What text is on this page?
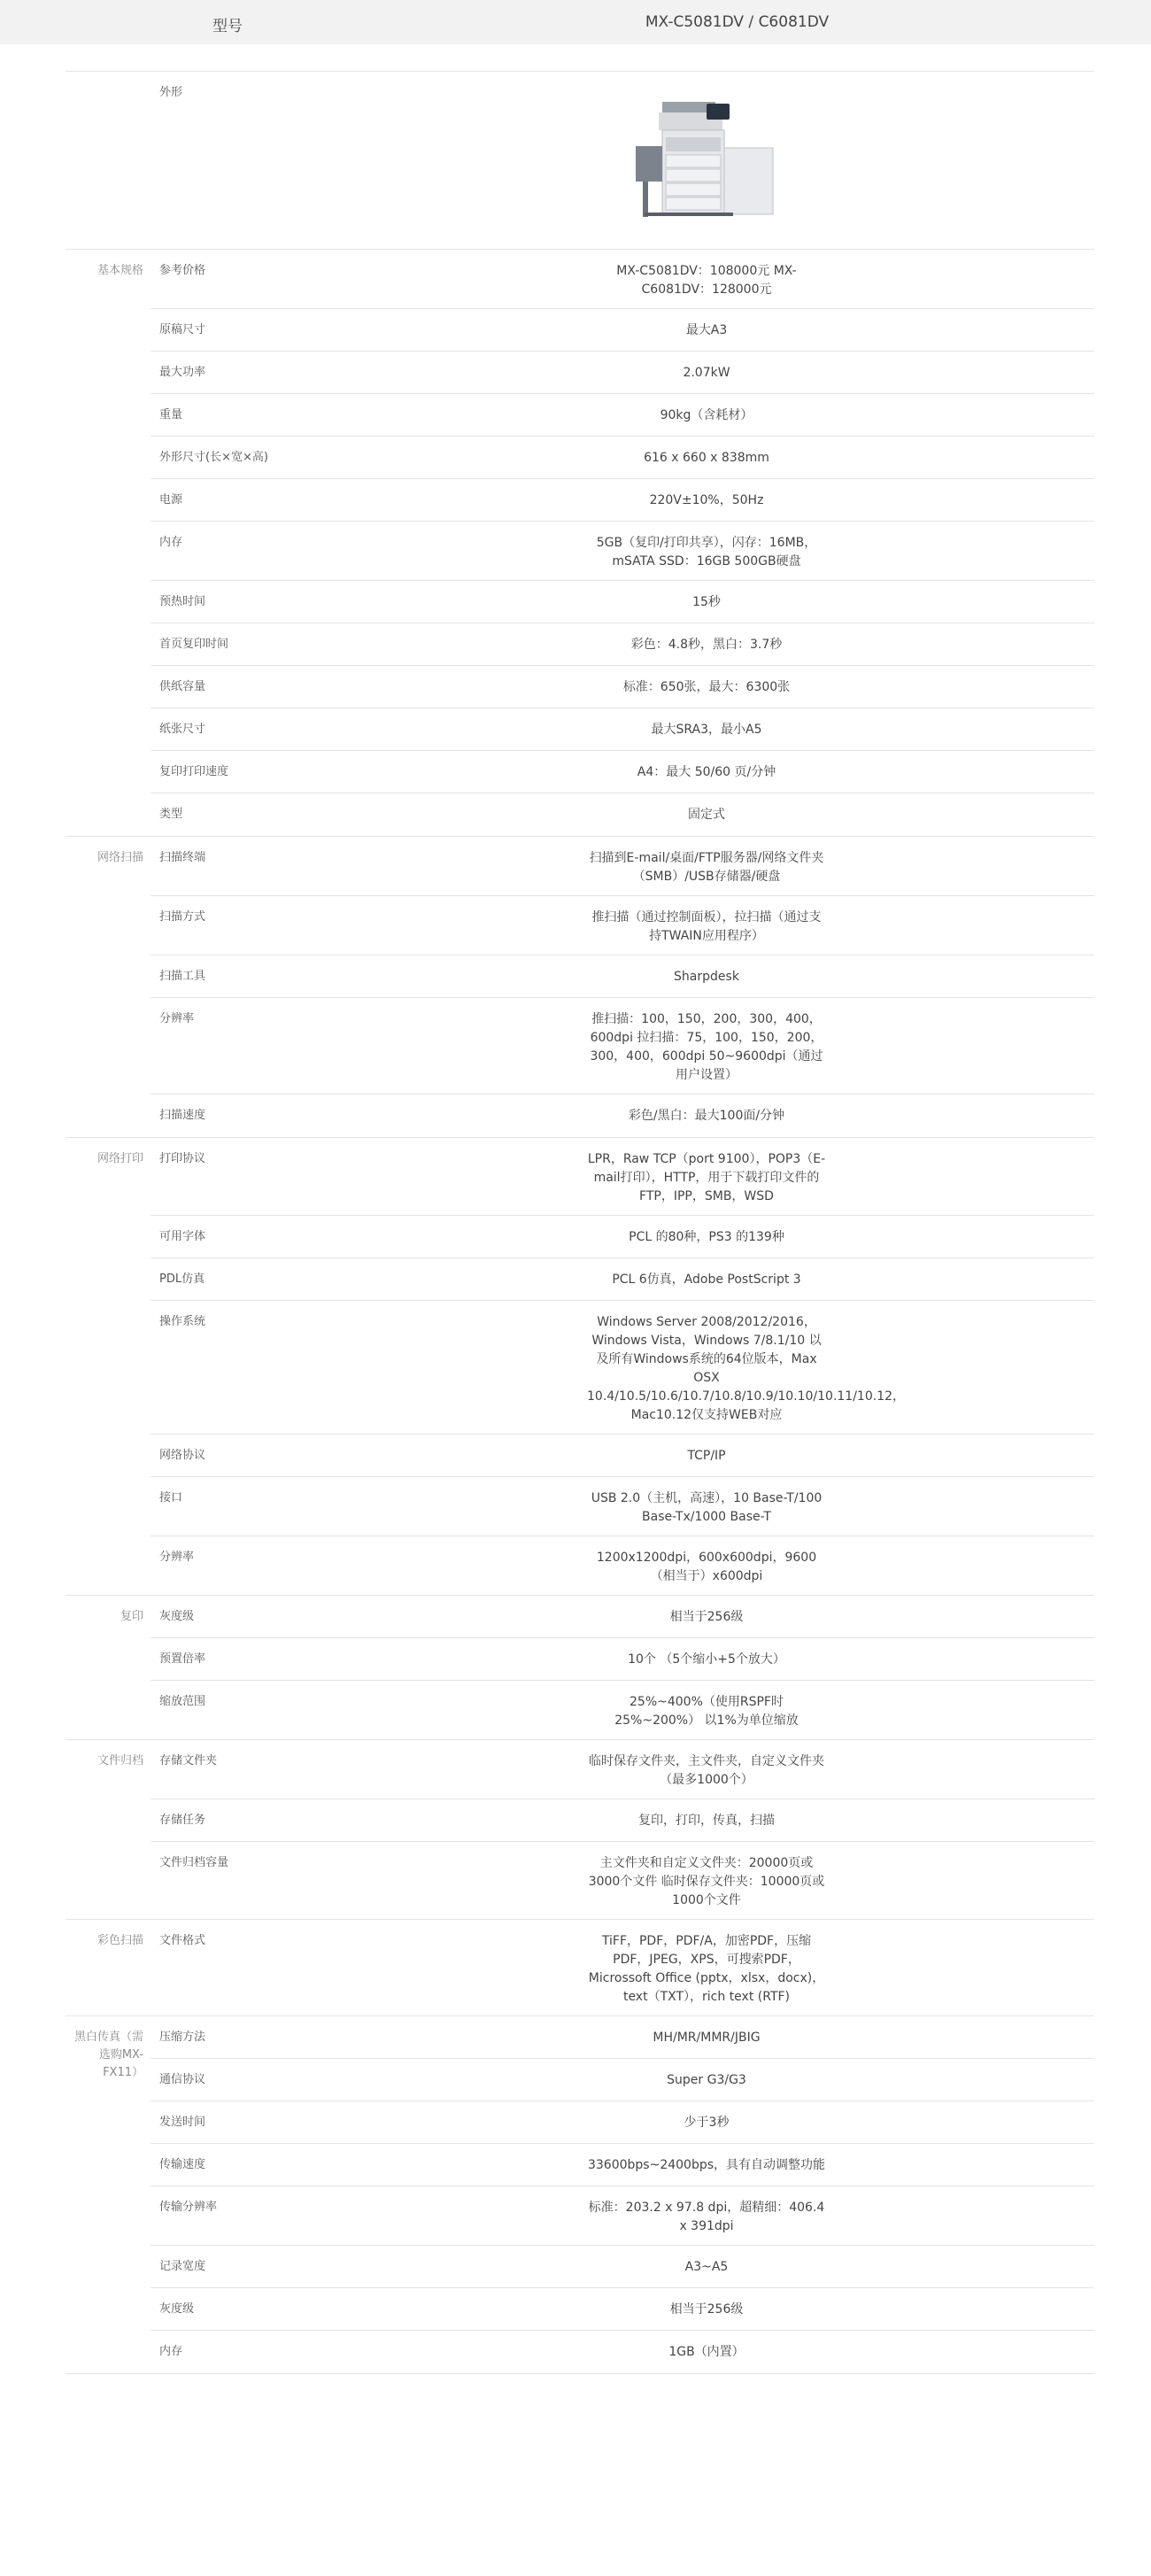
型号	MX-C5081DV / C6081DV
外形
基本规格	参考价格	MX-C5081DV：108000元 MX-C6081DV：128000元
原稿尺寸	最大A3
最大功率	2.07kW
重量	90kg（含耗材）
外形尺寸(长×宽×高)	616 x 660 x 838mm
电源	220V±10%，50Hz
内存	5GB（复印/打印共享），闪存：16MB，mSATA SSD：16GB 500GB硬盘
预热时间	15秒
首页复印时间	彩色：4.8秒，黑白：3.7秒
供纸容量	标准：650张，最大：6300张
纸张尺寸	最大SRA3，最小A5
复印打印速度	A4：最大 50/60 页/分钟
类型	固定式
网络扫描	扫描终端	扫描到E-mail/桌面/FTP服务器/网络文件夹（SMB）/USB存储器/硬盘
扫描方式	推扫描（通过控制面板），拉扫描（通过支持TWAIN应用程序）
扫描工具	Sharpdesk
分辨率	推扫描：100，150，200，300，400，600dpi 拉扫描：75，100，150，200，300，400，600dpi 50~9600dpi（通过用户设置）
扫描速度	彩色/黑白：最大100面/分钟
网络打印	打印协议	LPR，Raw TCP（port 9100），POP3（E-mail打印），HTTP，用于下载打印文件的FTP，IPP，SMB，WSD
可用字体	PCL 的80种，PS3 的139种
PDL仿真	PCL 6仿真，Adobe PostScript 3
操作系统	Windows Server 2008/2012/2016，Windows Vista，Windows 7/8.1/10 以及所有Windows系统的64位版本，Max OSX 10.4/10.5/10.6/10.7/10.8/10.9/10.10/10.11/10.12，Mac10.12仅支持WEB对应
网络协议	TCP/IP
接口	USB 2.0（主机，高速），10 Base-T/100 Base-Tx/1000 Base-T
分辨率	1200x1200dpi，600x600dpi，9600（相当于）x600dpi
复印	灰度级	相当于256级
预置倍率	10个 （5个缩小+5个放大）
缩放范围	25%~400%（使用RSPF时25%~200%） 以1%为单位缩放
文件归档	存储文件夹	临时保存文件夹，主文件夹，自定义文件夹（最多1000个）
存储任务	复印，打印，传真，扫描
文件归档容量	主文件夹和自定义文件夹：20000页或3000个文件 临时保存文件夹：10000页或1000个文件
彩色扫描	文件格式	TiFF，PDF，PDF/A，加密PDF，压缩PDF，JPEG，XPS，可搜索PDF，Microssoft Office (pptx，xlsx，docx)，text（TXT），rich text (RTF)
黑白传真（需选购MX-FX11）
压缩方法	MH/MR/MMR/JBIG
通信协议	Super G3/G3
发送时间	少于3秒
传输速度	33600bps~2400bps，具有自动调整功能
传输分辨率	标准：203.2 x 97.8 dpi，超精细：406.4 x 391dpi
记录宽度	A3~A5
灰度级	相当于256级
内存	1GB（内置）
